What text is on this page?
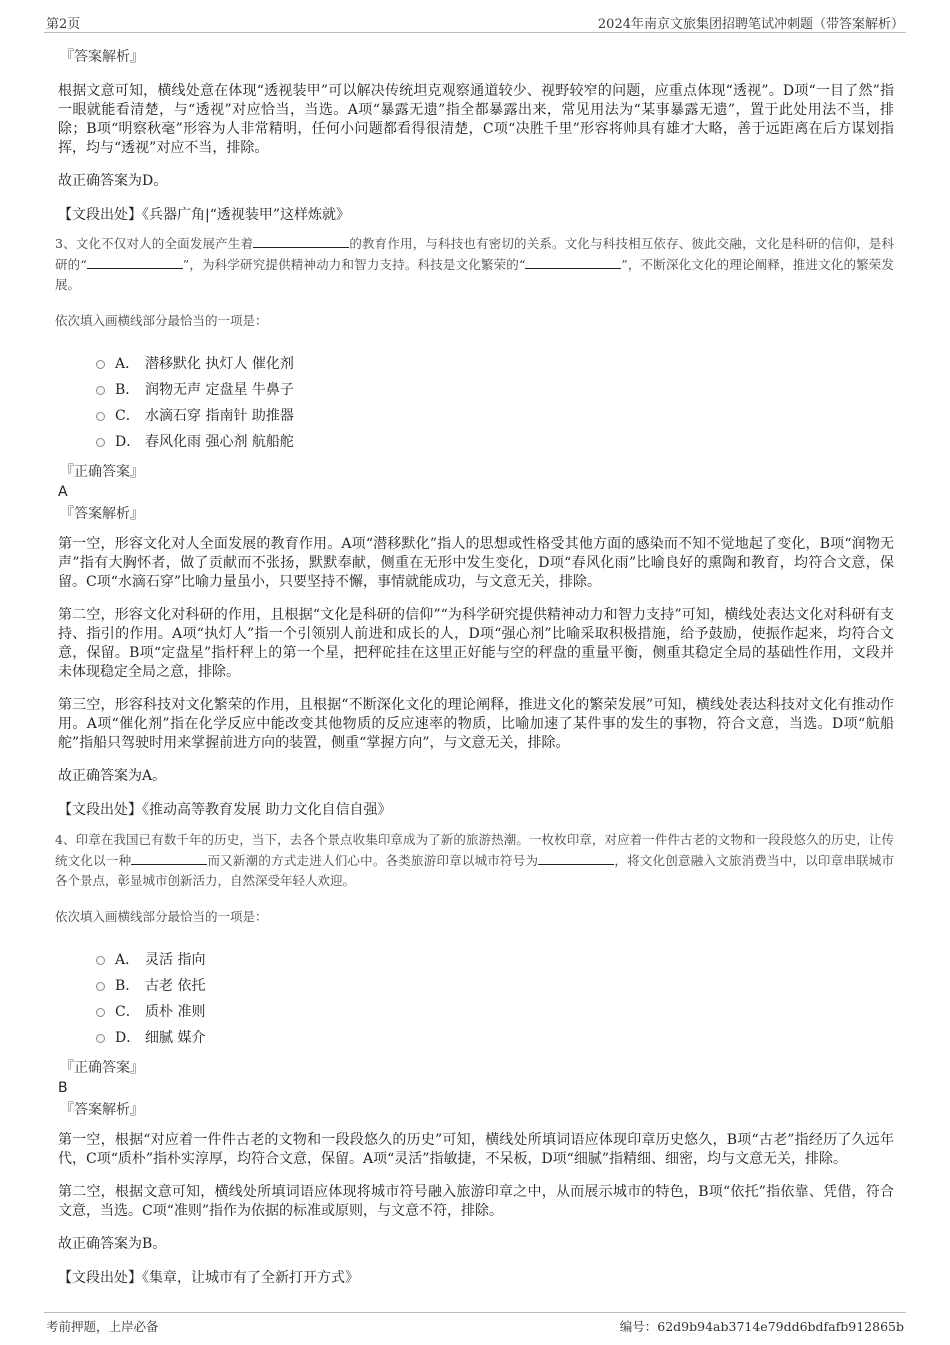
第2页	2024年南京文旅集团招聘笔试冲刺题（带答案解析）
『答案解析』
根据文意可知，横线处意在体现“透视装甲”可以解决传统坦克观察通道较少、视野较窄的问题，应重点体现“透视”。D项“一目了然”指一眼就能看清楚，与“透视”对应恰当，当选。A项“暴露无遗”指全都暴露出来，常见用法为“某事暴露无遗”，置于此处用法不当，排除；B项“明察秋毫”形容为人非常精明，任何小问题都看得很清楚，C项“决胜千里”形容将帅具有雄才大略，善于远距离在后方谋划指挥，均与“透视”对应不当，排除。
故正确答案为D。
【文段出处】《兵器广角|“透视装甲”这样炼就》
3、文化不仅对人的全面发展产生着	的教育作用，与科技也有密切的关系。文化与科技相互依存、彼此交融，文化是科研的信仰，是科研的“	”，为科学研究提供精神动力和智力支持。科技是文化繁荣的“	”，不断深化文化的理论阐释，推进文化的繁荣发展。
依次填入画横线部分最恰当的一项是：
A． 潜移默化 执灯人 催化剂
B． 润物无声 定盘星 牛鼻子
C． 水滴石穿 指南针 助推器
D． 春风化雨 强心剂 航船舵
『正确答案』
A
『答案解析』
第一空，形容文化对人全面发展的教育作用。A项“潜移默化”指人的思想或性格受其他方面的感染而不知不觉地起了变化，B项“润物无声”指有大胸怀者，做了贡献而不张扬，默默奉献，侧重在无形中发生变化，D项“春风化雨”比喻良好的熏陶和教育，均符合文意，保留。C项“水滴石穿”比喻力量虽小，只要坚持不懈，事情就能成功，与文意无关，排除。
第二空，形容文化对科研的作用，且根据“文化是科研的信仰”“为科学研究提供精神动力和智力支持”可知，横线处表达文化对科研有支持、指引的作用。A项“执灯人”指一个引领别人前进和成长的人，D项“强心剂”比喻采取积极措施，给予鼓励，使振作起来，均符合文意，保留。B项“定盘星”指杆秤上的第一个星，把秤砣挂在这里正好能与空的秤盘的重量平衡，侧重其稳定全局的基础性作用，文段并未体现稳定全局之意，排除。
第三空，形容科技对文化繁荣的作用，且根据“不断深化文化的理论阐释，推进文化的繁荣发展”可知，横线处表达科技对文化有推动作用。A项“催化剂”指在化学反应中能改变其他物质的反应速率的物质，比喻加速了某件事的发生的事物，符合文意，当选。D项“航船舵”指船只驾驶时用来掌握前进方向的装置，侧重“掌握方向”，与文意无关，排除。
故正确答案为A。
【文段出处】《推动高等教育发展 助力文化自信自强》
4、印章在我国已有数千年的历史，当下，去各个景点收集印章成为了新的旅游热潮。一枚枚印章，对应着一件件古老的文物和一段段悠久的历史，让传统文化以一种	而又新潮的方式走进人们心中。各类旅游印章以城市符号为	，将文化创意融入文旅消费当中，以印章串联城市各个景点，彰显城市创新活力，自然深受年轻人欢迎。
依次填入画横线部分最恰当的一项是：
A． 灵活 指向
B． 古老 依托
C． 质朴 准则
D． 细腻 媒介
『正确答案』
B
『答案解析』
第一空，根据“对应着一件件古老的文物和一段段悠久的历史”可知，横线处所填词语应体现印章历史悠久，B项“古老”指经历了久远年代，C项“质朴”指朴实淳厚，均符合文意，保留。A项“灵活”指敏捷，不呆板，D项“细腻”指精细、细密，均与文意无关，排除。
第二空，根据文意可知，横线处所填词语应体现将城市符号融入旅游印章之中，从而展示城市的特色，B项“依托”指依靠、凭借，符合文意，当选。C项“准则”指作为依据的标准或原则，与文意不符，排除。
故正确答案为B。
【文段出处】《集章，让城市有了全新打开方式》
考前押题，上岸必备	编号：62d9b94ab3714e79dd6bdfafb912865b
